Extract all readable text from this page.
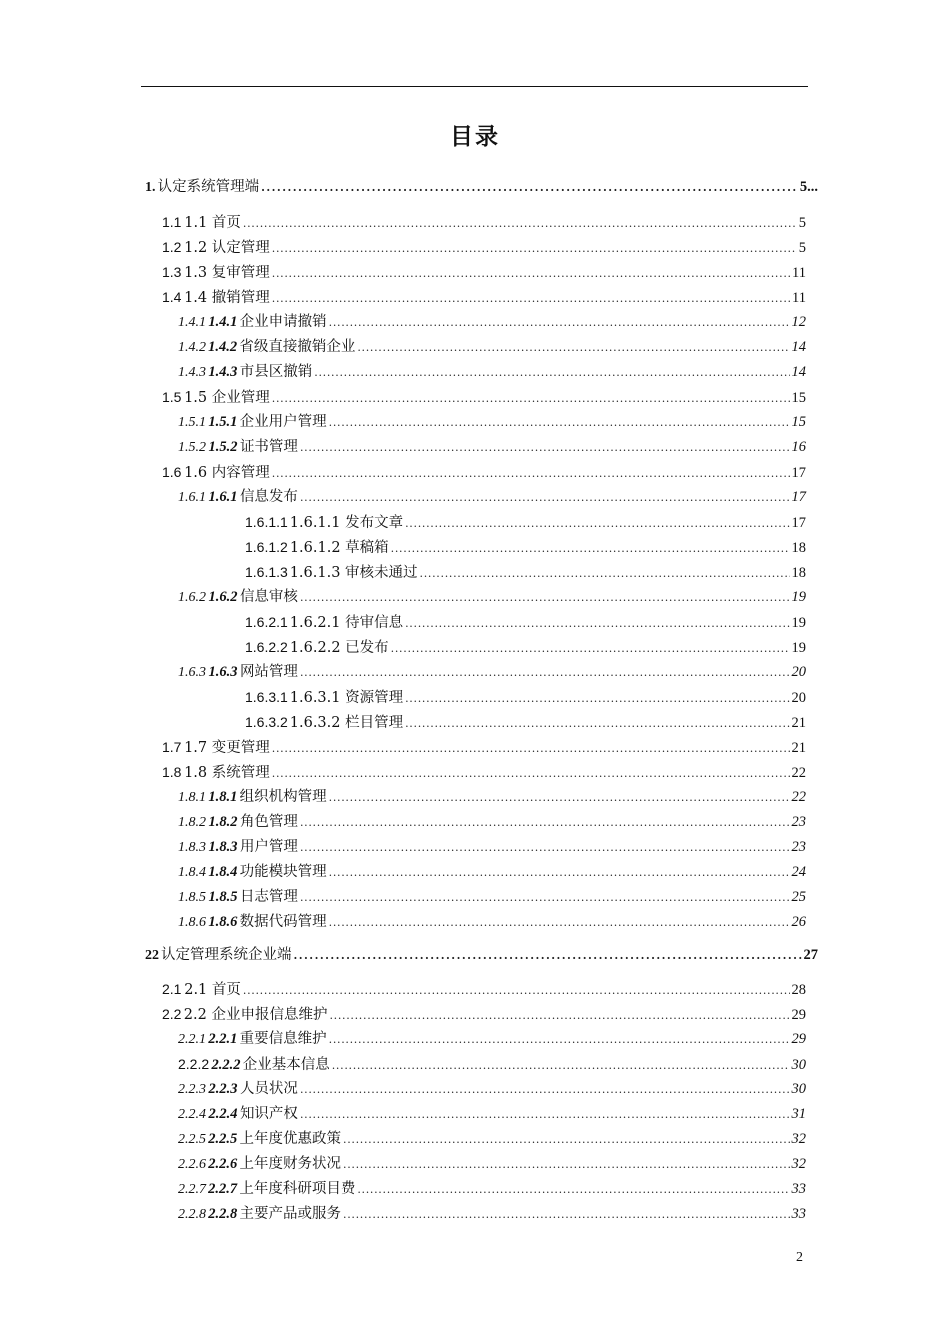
目录
1. 认定系统管理端 . . .	5...
1.1 1.1 首页 . . .	5
1.2 1.2 认定管理 . . .	5
1.3 1.3 复审管理 . . .	11
1.4 1.4 撤销管理 . . .	11
1.4.1 1.4.1 企业申请撤销 . . .	12
1.4.2 1.4.2 省级直接撤销企业 . . .	14
1.4.3 1.4.3 市县区撤销 . . .	14
1.5 1.5 企业管理 . . .	15
1.5.1 1.5.1 企业用户管理 . . .	15
1.5.2 1.5.2 证书管理 . . .	16
1.6 1.6 内容管理 . . .	17
1.6.1 1.6.1 信息发布 . . .	17
1.6.1.1 1.6.1.1 发布文章 . . .	17
1.6.1.2 1.6.1.2 草稿箱 . . .	18
1.6.1.3 1.6.1.3 审核未通过 . . .	18
1.6.2 1.6.2 信息审核 . . .	19
1.6.2.1 1.6.2.1 待审信息 . . .	19
1.6.2.2 1.6.2.2 已发布 . . .	19
1.6.3 1.6.3 网站管理 . . .	20
1.6.3.1 1.6.3.1 资源管理 . . .	20
1.6.3.2 1.6.3.2 栏目管理 . . .	21
1.7 1.7 变更管理 . . .	21
1.8 1.8 系统管理 . . .	22
1.8.1 1.8.1 组织机构管理 . . .	22
1.8.2 1.8.2 角色管理 . . .	23
1.8.3 1.8.3 用户管理 . . .	23
1.8.4 1.8.4 功能模块管理 . . .	24
1.8.5 1.8.5 日志管理 . . .	25
1.8.6 1.8.6 数据代码管理 . . .	26
22 认定管理系统企业端 . . .	27
2.1 2.1 首页 . . .	28
2.2 2.2 企业申报信息维护 . . .	29
2.2.1 2.2.1 重要信息维护 . . .	29
2.2.2 2.2.2 企业基本信息 . . .	30
2.2.3 2.2.3 人员状况 . . .	30
2.2.4 2.2.4 知识产权 . . .	31
2.2.5 2.2.5 上年度优惠政策 . . .	32
2.2.6 2.2.6 上年度财务状况 . . .	32
2.2.7 2.2.7 上年度科研项目费 . . .	33
2.2.8 2.2.8 主要产品或服务 . . .	33
2
